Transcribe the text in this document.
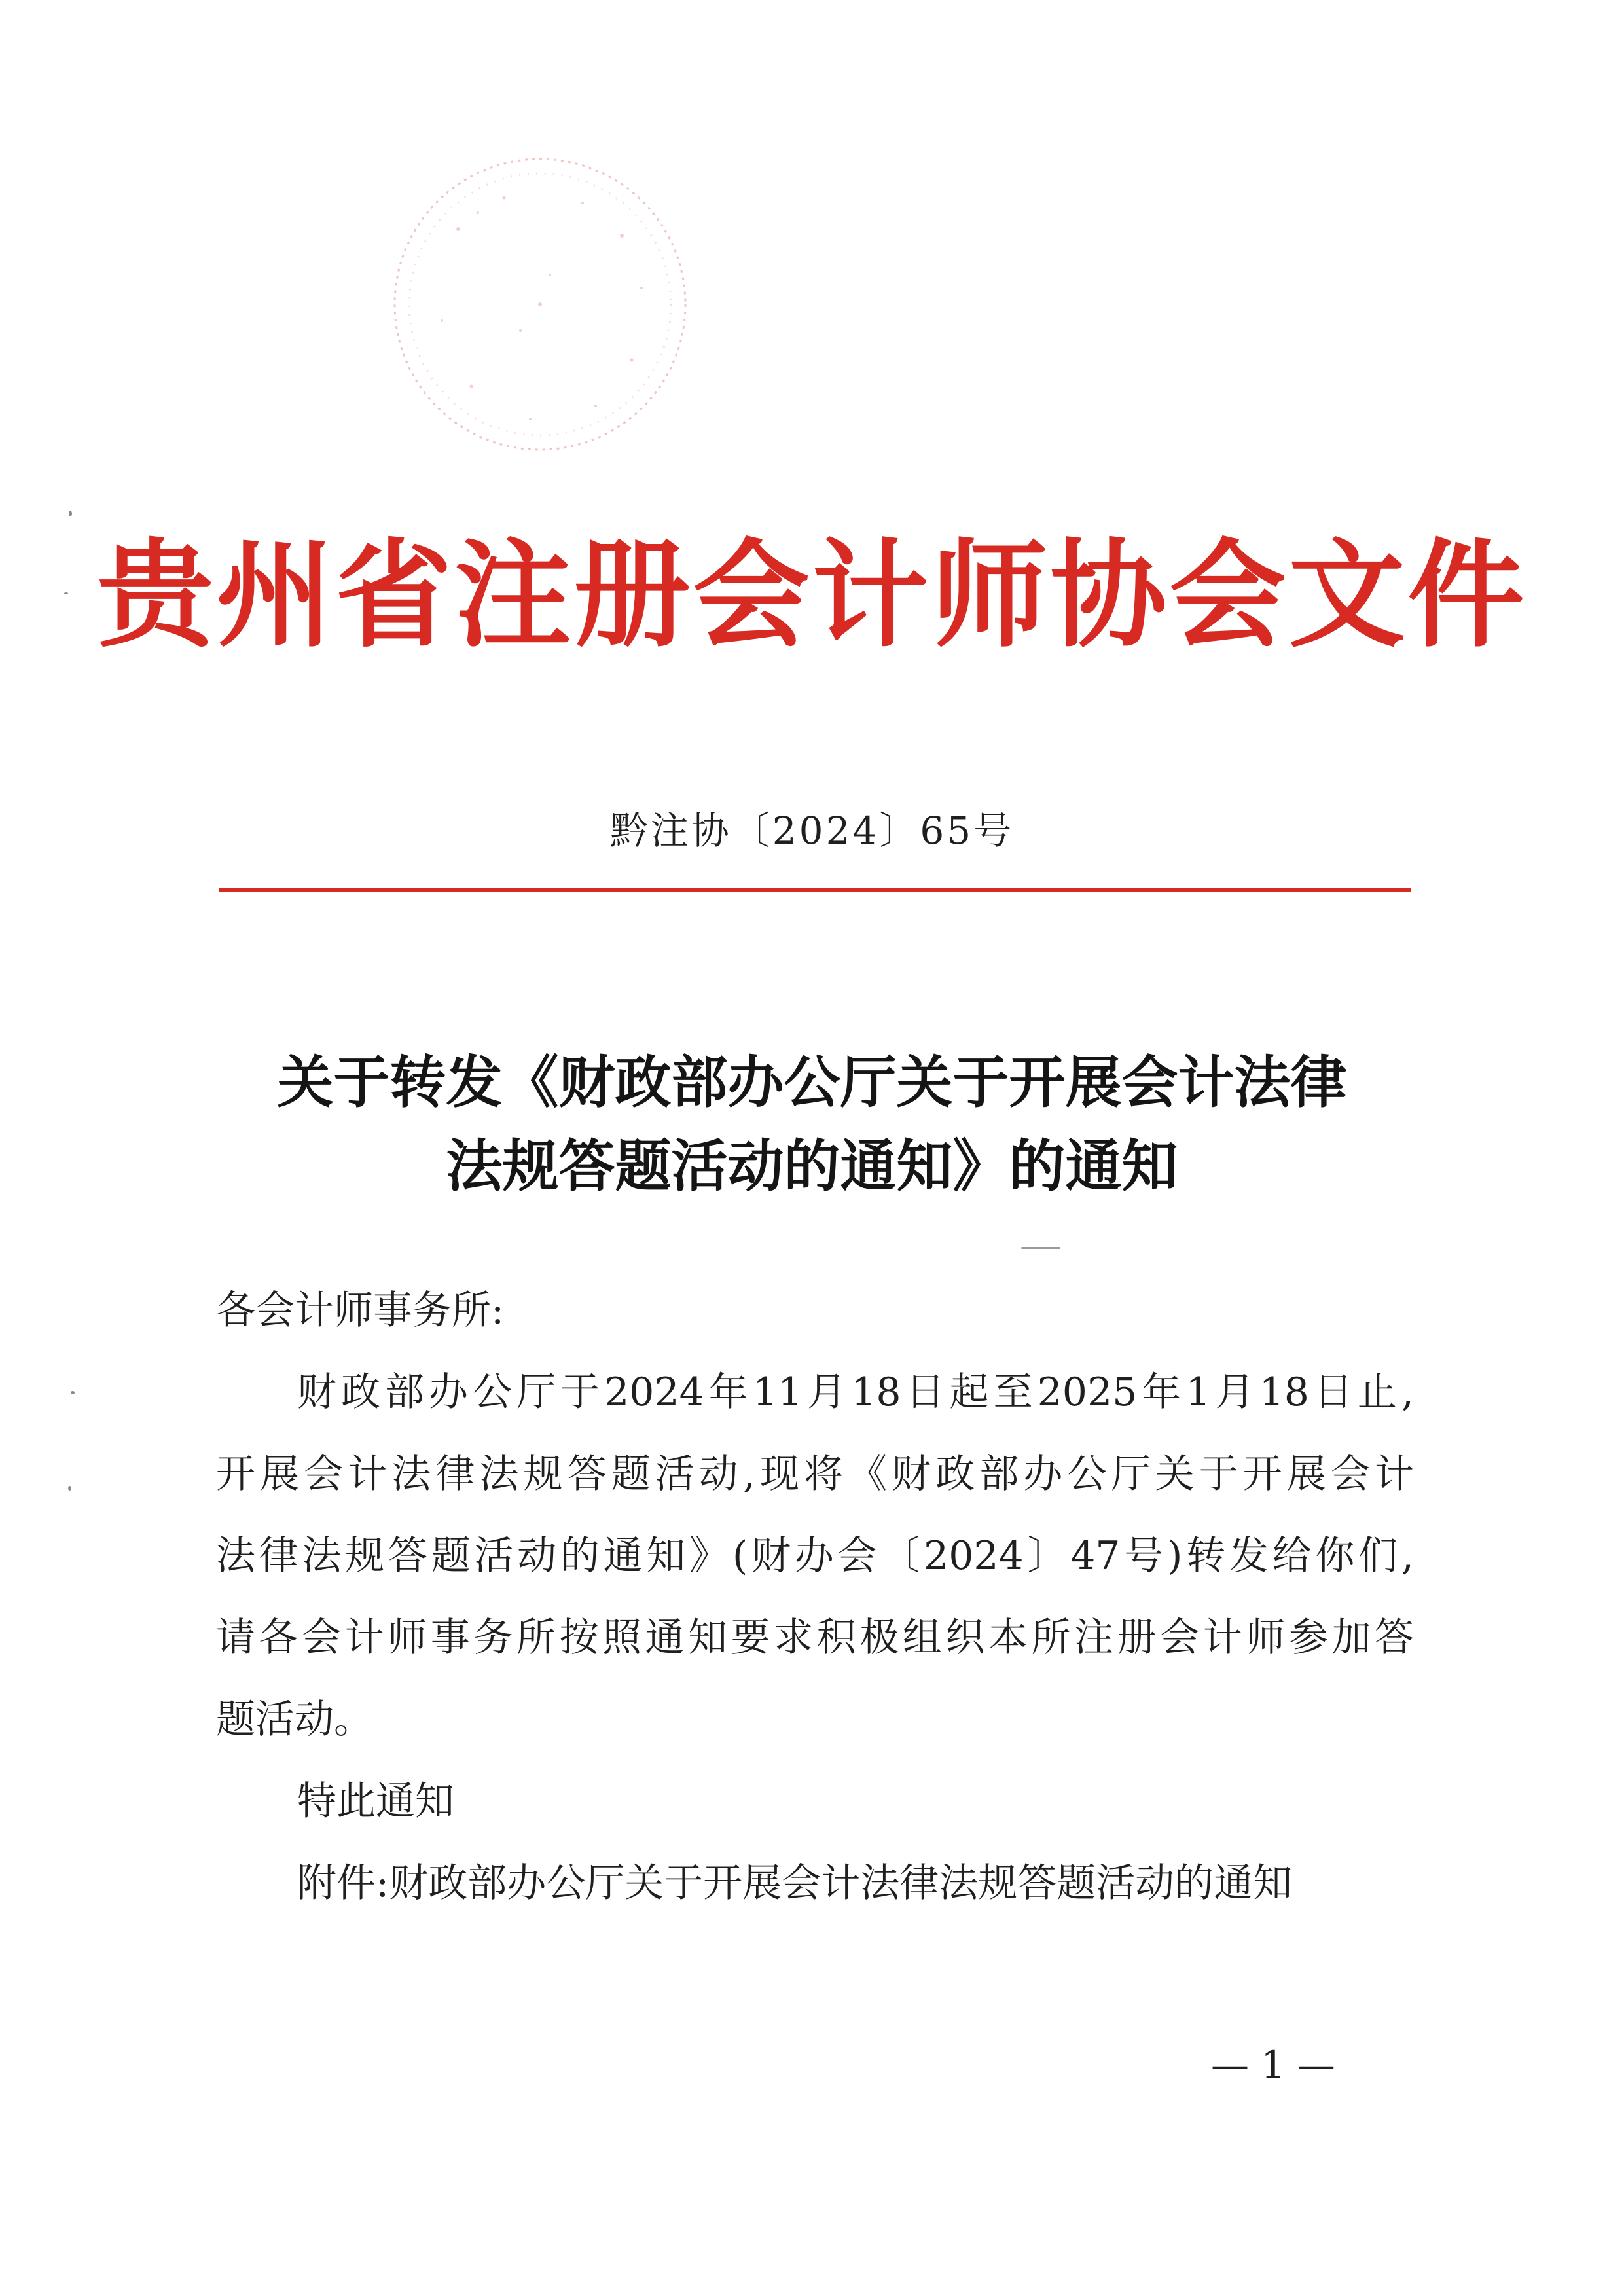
贵州省注册会计师协会文件
黔注协〔2024〕65号
关于转发《财政部办公厅关于开展会计法律
法规答题活动的通知》的通知
各会计师事务所:
财政部办公厅于2024年11月18日起至2025年1月18日止,
开展会计法律法规答题活动,现将《财政部办公厅关于开展会计
法律法规答题活动的通知》(财办会〔2024〕47号)转发给你们,
请各会计师事务所按照通知要求积极组织本所注册会计师参加答
题活动。
特此通知
附件:财政部办公厅关于开展会计法律法规答题活动的通知
— 1 —
